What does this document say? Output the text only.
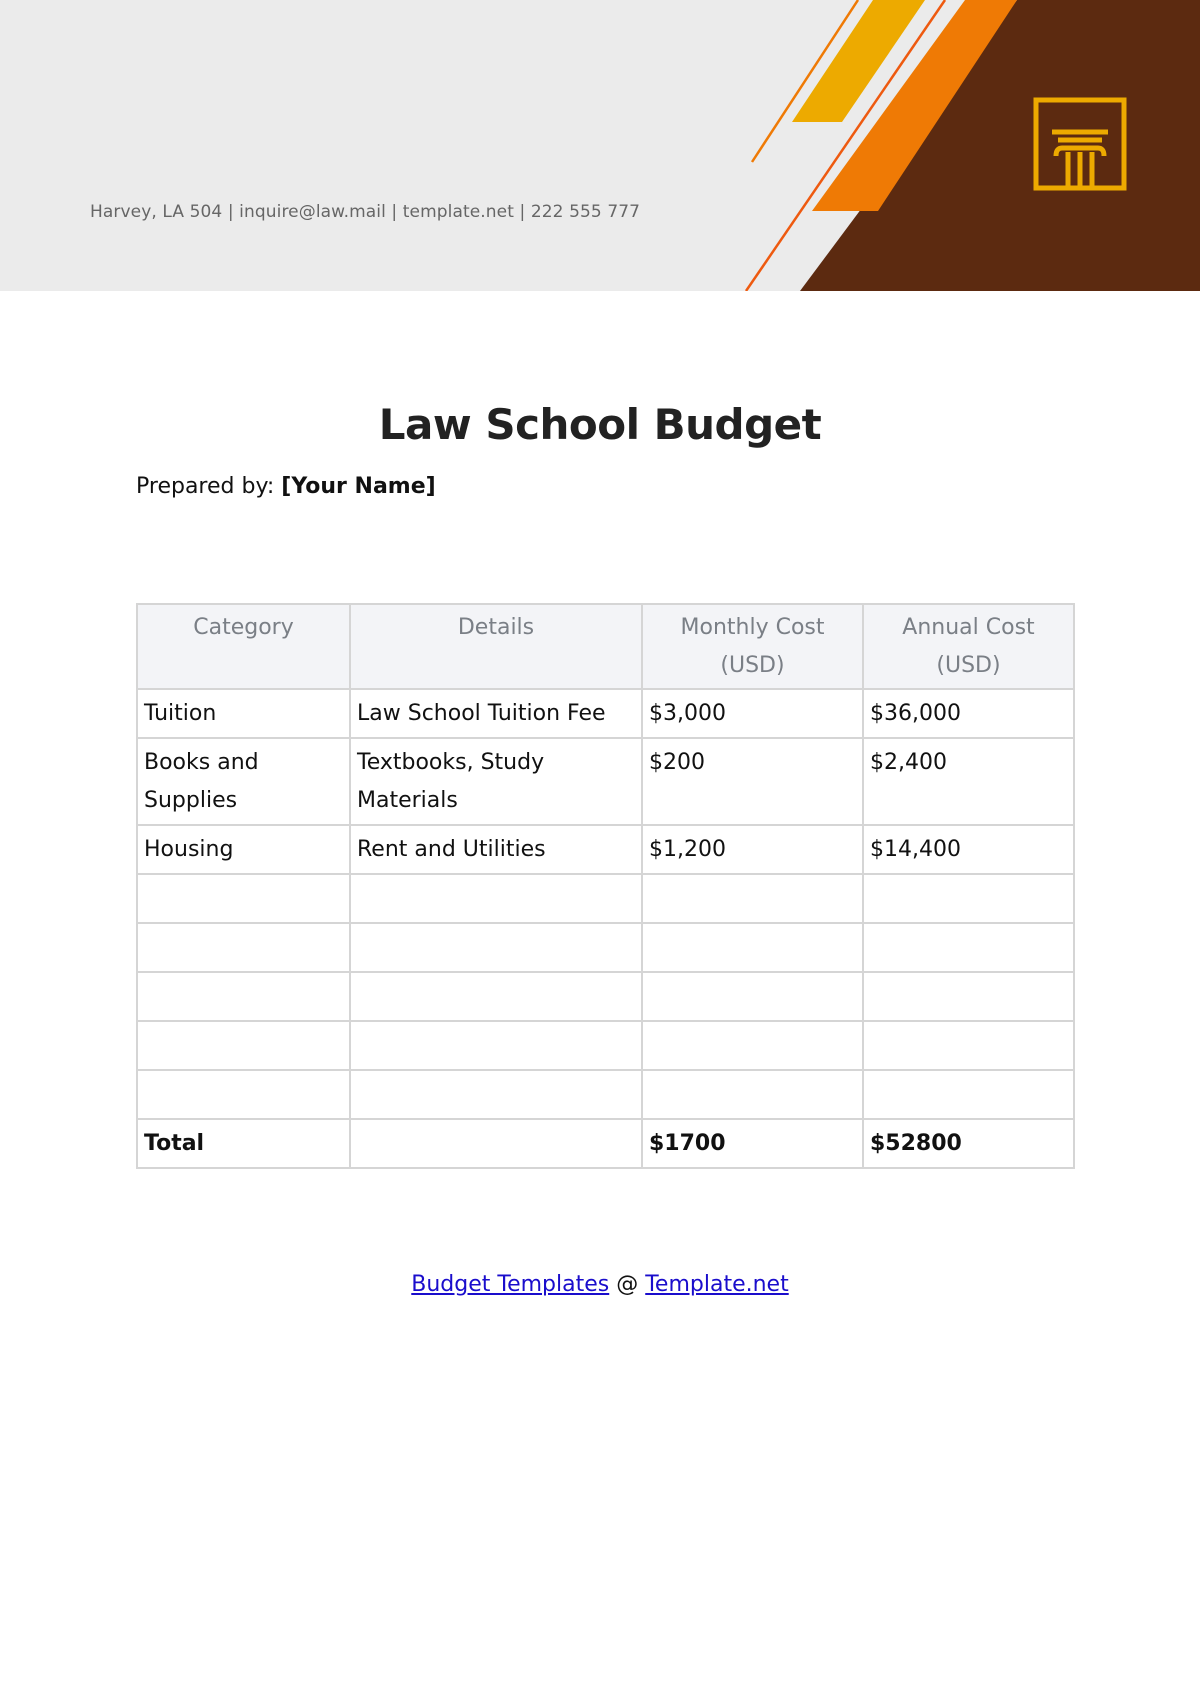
Harvey, LA 504 | inquire@law.mail | template.net | 222 555 777
Law School Budget
Prepared by: [Your Name]
Category	Details	Monthly Cost (USD)	Annual Cost (USD)
Tuition	Law School Tuition Fee	$3,000	$36,000
Books and Supplies	Textbooks, Study Materials	$200	$2,400
Housing	Rent and Utilities	$1,200	$14,400

Total		$1700	$52800
Budget Templates @ Template.net
